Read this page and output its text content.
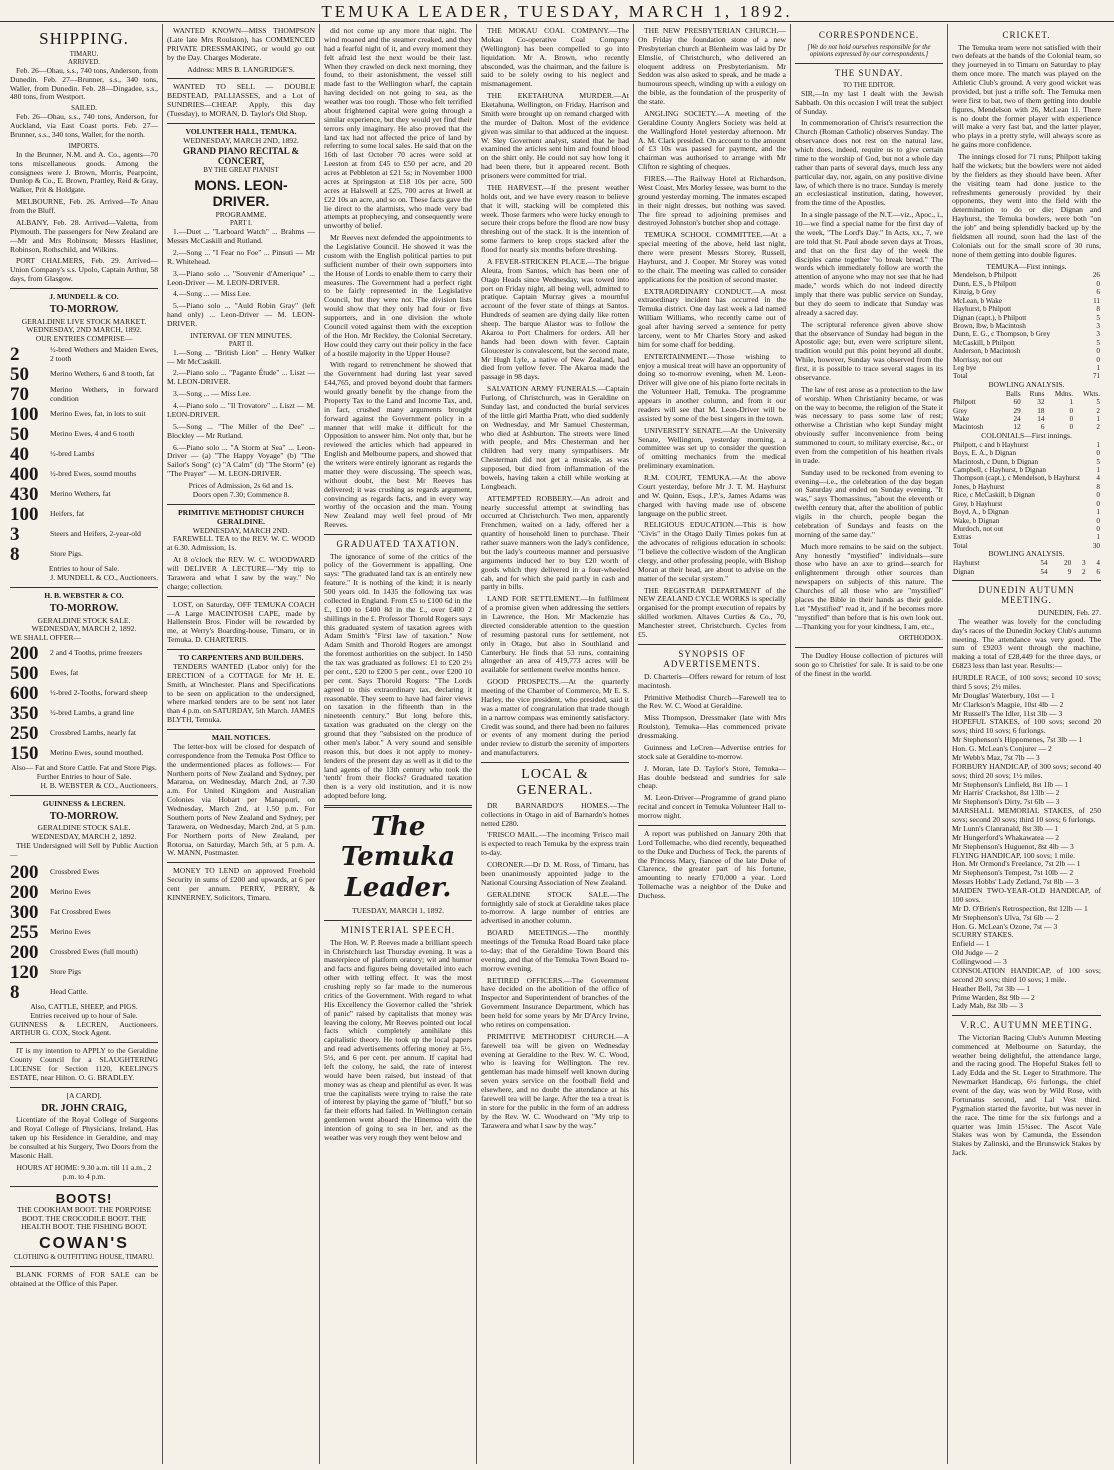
TEMUKA LEADER, TUESDAY, MARCH 1, 1892.
SHIPPING.
TIMARU.
ARRIVED.

Feb. 26—Ohau, s.s., 740 tons, Anderson, from Dunedin. Feb. 27—Brunner, s.s., 340 tons, Waller, from Dunedin. Feb. 28—Dingadee, s.s., 480 tons, from Westport.

SAILED.

Feb. 26—Ohau, s.s., 740 tons, Anderson, for Auckland, via East Coast ports. Feb. 27—Brunner, s.s., 340 tons, Waller, for the north.

IMPORTS.

In the Brunner, N.M. and A. Co., agents—70 tons miscellaneous goods. Among the consignees were J. Brown, Morris, Pearpoint, Dunlop & Co., E. Brown, Prattley, Reid & Gray, Walker, Prit & Holdgate.

MELBOURNE, Feb. 26. Arrived—Te Anau from the Bluff.

ALBANY, Feb. 28. Arrived—Valetta, from Plymouth. The passengers for New Zealand are—Mr and Mrs Robinson; Messrs Hasliner, Robinson, Rothschild, and Wilkins.

PORT CHALMERS, Feb. 29. Arrived—Union Company's s.s. Upolo, Captain Arthur, 58 days, from Glasgow.

J. MUNDELL & CO.
TO-MORROW.
GERALDINE LIVE STOCK MARKET.
WEDNESDAY, 2ND MARCH, 1892.
OUR ENTRIES COMPRISE—
2	½-bred Wethers and Maiden Ewes, 2 tooth
50	Merino Wethers, 6 and 8 tooth, fat
70	Merino Wethers, in forward condition
100	Merino Ewes, fat, in lots to suit
50	Merino Ewes, 4 and 6 tooth
40	½-bred Lambs
400	½-bred Ewes, sound mouths
430	Merino Wethers, fat
100	Heifers, fat
3	Steers and Heifers, 2-year-old
8	Store Pigs.
Entries to hour of Sale.
J. MUNDELL & CO., Auctioneers.
H. B. WEBSTER & CO.
TO-MORROW.
GERALDINE STOCK SALE.
WEDNESDAY, MARCH 2, 1892.
WE SHALL OFFER—
200	2 and 4 Tooths, prime freezers
500	Ewes, fat
600	½-bred 2-Tooths, forward sheep
350	½-bred Lambs, a grand line
250	Crossbred Lambs, nearly fat
150	Merino Ewes, sound mouthed.
Also— Fat and Store Cattle. Fat and Store Pigs.
Further Entries to hour of Sale.
H. B. WEBSTER & CO., Auctioneers.
GUINNESS & LECREN.
TO-MORROW.
GERALDINE STOCK SALE.
WEDNESDAY, MARCH 2, 1892.

THE Undersigned will Sell by Public Auction—

200	Crossbred Ewes
200	Merino Ewes
300	Fat Crossbred Ewes
255	Merino Ewes
200	Crossbred Ewes (full mouth)
120	Store Pigs
8	Head Cattle.
Also, CATTLE, SHEEP, and PIGS.
Entries received up to hour of Sale.
GUINNESS & LECREN, Auctioneers. ARTHUR G. COX, Stock Agent.

IT is my intention to APPLY to the Geraldine County Council for a SLAUGHTERING LICENSE for Section 1120, KEELING'S ESTATE, near Hilton. O. G. BRADLEY.

[A CARD].
DR. JOHN CRAIG,

Licentiate of the Royal College of Surgeons and Royal College of Physicians, Ireland, Has taken up his Residence in Geraldine, and may be consulted at his Surgery, Two Doors from the Masonic Hall.

HOURS AT HOME: 9.30 a.m. till 11 a.m., 2 p.m. to 4 p.m.
BOOTS!

THE COOKHAM BOOT. THE PORPOISE BOOT. THE CROCODILE BOOT. THE HEALTH BOOT. THE FISHING BOOT.

COWAN'S
CLOTHING & OUTFITTING HOUSE, TIMARU.

BLANK FORMS of FOR SALE can be obtained at the Office of this Paper.

WANTED KNOWN—MISS THOMPSON (Late late Mrs Roulston), has COMMENCED PRIVATE DRESSMAKING, or would go out by the Day. Charges Moderate.

Address: MRS B. LANGRIDGE'S.

WANTED TO SELL — DOUBLE BEDSTEAD, PALLIASSES, and a Lot of SUNDRIES—CHEAP. Apply, this day (Tuesday), to MORAN, D. Taylor's Old Shop.

VOLUNTEER HALL, TEMUKA.
WEDNESDAY, MARCH 2ND, 1892.
GRAND PIANO RECITAL & CONCERT,
BY THE GREAT PIANIST
MONS. LEON-DRIVER.
PROGRAMME.
PART I.

1.—Duet ... "Larboard Watch" ... Brahms — Messrs McCaskill and Rutland.

2.—Song ... "I Fear no Foe" ... Pinsuti — Mr R. Whitehead.

3.—Piano solo ... "Souvenir d'Amerique" ... Leon-Driver — M. LEON-DRIVER.

4.—Song ... — Miss Lee.

5.—Piano solo ... "Auld Robin Gray" (left hand only) ... Leon-Driver — M. LEON-DRIVER.

INTERVAL OF TEN MINUTES.
PART II.

1.—Song ... "British Lion" ... Henry Walker — Mr McCaskill.

2.—Piano solo ... "Pagante Étude" ... Liszt — M. LEON-DRIVER.

3.—Song ... — Miss Lee.

4.—Piano solo ... "Il Trovatore" ... Liszt — M. LEON-DRIVER.

5.—Song ... "The Miller of the Dee" ... Blockley — Mr Rutland.

6.—Piano solo ... "A Storm at Sea" ... Leon-Driver — (a) "The Happy Voyage" (b) "The Sailor's Song" (c) "A Calm" (d) "The Storm" (e) "The Prayer" — M. LEON-DRIVER.

Prices of Admission, 2s 6d and 1s.
Doors open 7.30; Commence 8.
PRIMITIVE METHODIST CHURCH GERALDINE.
WEDNESDAY, MARCH 2ND.

FAREWELL TEA to the REV. W. C. WOOD at 6.30. Admission, 1s.

At 8 o'clock the REV. W. C. WOODWARD will DELIVER A LECTURE—"My trip to Tarawera and what I saw by the way." No charge; collection.

LOST, on Saturday, OFF TEMUKA COACH—A Large MACINTOSH CAPE, made by Hallenstein Bros. Finder will be rewarded by me, at Werry's Boarding-house, Timaru, or in Temuka. D. CHARTERIS.

TO CARPENTERS AND BUILDERS.

TENDERS WANTED (Labor only) for the ERECTION of a COTTAGE for Mr H. E. Smith, at Winchester. Plans and Specifications to be seen on application to the undersigned, where marked tenders are to be sent not later than 4 p.m. on SATURDAY, 5th March. JAMES BLYTH, Temuka.

MAIL NOTICES.

The letter-box will be closed for despatch of correspondence from the Temuka Post Office to the undermentioned places as follows:— For Northern ports of New Zealand and Sydney, per Mararoa, on Wednesday, March 2nd, at 7.30 a.m. For United Kingdom and Australian Colonies via Hobart per Manapouri, on Wednesday, March 2nd, at 1.50 p.m. For Southern ports of New Zealand and Sydney, per Tarawera, on Wednesday, March 2nd, at 5 p.m. For Northern ports of New Zealand, per Rotorua, on Saturday, March 5th, at 5 p.m. A. W. MANN, Postmaster.

MONEY TO LEND on approved Freehold Security in sums of £200 and upwards, at 6 per cent per annum. PERRY, PERRY, & KINNERNEY, Solicitors, Timaru.

did not come up any more that night. The wind moaned and the steamer creaked, and they had a fearful night of it, and every moment they felt afraid lest the next would be their last. When they crawled on deck next morning, they found, to their astonishment, the vessel still made fast to the Wellington wharf, the captain having decided on not going to sea, as the weather was too rough. Those who felt terrified about frightened capital were going through a similar experience, but they would yet find their terrors only imaginary. He also proved that the land tax had not affected the price of land by referring to some local sales. He said that on the 16th of last October 70 acres were sold at Leeston at from £45 to £50 per acre, and 20 acres at Pebbleton at £21 5s; in November 1000 acres at Springston at £18 10s per acre, 500 acres at Halswell at £25, 700 acres at Irwell at £22 10s an acre, and so on. These facts gave the lie direct to the alarmists, who made very bad attempts at prophecying, and consequently were unworthy of belief.

Mr Reeves next defended the appointments to the Legislative Council. He showed it was the custom with the English political parties to put sufficient number of their own supporters into the House of Lords to enable them to carry their measures. The Government had a perfect right to be fairly represented in the Legislative Council, but they were not. The division lists would show that they only had four or five supporters, and in one division the whole Council voted against them with the exception of the Hon. Mr Reckley, the Colonial Secretary. How could they carry out their policy in the face of a hostile majority in the Upper House?

With regard to retrenchment he showed that the Government had during last year saved £44,765, and proved beyond doubt that farmers would greatly benefit by the change from the Property Tax to the Land and Income Tax, and, in fact, crushed many arguments brought forward against the Government policy in a manner that will make it difficult for the Opposition to answer him. Not only that, but he reviewed the articles which had appeared in English and Melbourne papers, and showed that the writers were entirely ignorant as regards the matter they were discussing. The speech was, without doubt, the best Mr Reeves has delivered; it was crushing as regards argument, convincing as regards facts, and in every way worthy of the occasion and the man. Young New Zealand may well feel proud of Mr Reeves.

GRADUATED TAXATION.

The ignorance of some of the critics of the policy of the Government is appalling. One says: "The graduated land tax is an entirely new feature." It is nothing of the kind; it is nearly 500 years old. In 1435 the following tax was collected in England. From £5 to £100 6d in the £., £100 to £400 8d in the £., over £400 2 shillings in the £. Professor Thorold Rogers says this graduated system of taxation agrees with Adam Smith's "First law of taxation." Now Adam Smith and Thorold Rogers are amongst the foremost authorities on the subject. In 1450 the tax was graduated as follows: £1 to £20 2½ per cent., £20 to £200 5 per cent., over £200 10 per cent. Says Thorold Rogers: "The Lords agreed to this extraordinary tax, declaring it reasonable. They seem to have had fairer views on taxation in the fifteenth than in the nineteenth century." But long before this, taxation was graduated on the clergy on the ground that they "subsisted on the produce of other men's labor." A very sound and sensible reason this, but does it not apply to money-lenders of the present day as well as it did to the land agents of the 13th century who took the 'tenth' from their flocks? Graduated taxation then is a very old institution, and it is now adopted before long.

The Temuka Leader.
TUESDAY, MARCH 1, 1892.
MINISTERIAL SPEECH.

The Hon. W. P. Reeves made a brilliant speech in Christchurch last Thursday evening. It was a masterpiece of platform oratory; wit and humor and facts and figures being dovetailed into each other with telling effect. It was the most crushing reply so far made to the numerous critics of the Government. With regard to what His Excellency the Governor called the "shriek of panic" raised by capitalists that money was leaving the colony, Mr Reeves pointed out local facts which completely annihilate this capitalistic theory. He took up the local papers and read advertisements offering money at 5½, 5½, and 6 per cent. per annum. If capital had left the colony, he said, the rate of interest would have been raised, but instead of that money was as cheap and plentiful as ever. It was true the capitalists were trying to raise the rate of interest by playing the game of "bluff," but so far their efforts had failed. In Wellington certain gentlemen went aboard the Hinemoa with the intention of going to sea in her, and as the weather was very rough they went below and

THE MOKAU COAL COMPANY.—The Mokau Co-operative Coal Company (Wellington) has been compelled to go into liquidation. Mr A. Brown, who recently absconded, was the chairman, and the failure is said to be solely owing to his neglect and mismanagement.

THE EKETAHUNA MURDER.—At Eketahuna, Wellington, on Friday, Harrison and Smith were brought up on remand charged with the murder of Dalton. Most of the evidence given was similar to that adduced at the inquest. W. Sley Governent analyst, stated that he had examined the articles sent him and found blood on the shirt only. He could not say how long it had been there, but it appeared recent. Both prisoners were committed for trial.

THE HARVEST.—If the present weather holds out, and we have every reason to believe that it will, stacking will be completed this week. Those farmers who were lucky enough to secure their crops before the flood are now busy threshing out of the stack. It is the intention of some farmers to keep crops stacked after the flood for nearly six months before threshing.

A FEVER-STRICKEN PLACE.—The brigue Aleuta, from Santos, which has been one of Otago Heads since Wednesday, was towed into port on Friday night, all being well, admitted to pratique. Captain Murray gives a mournful account of the fever state of things at Santos. Hundreds of seamen are dying daily like rotten sheep. The barque Alastor was to follow the Akaroa to Port Chalmers for orders. All her hands had been down with fever. Captain Gloucester is convalescent, but the second mate, Mr Hugh Lyle, a native of New Zealand, had died from yellow fever. The Akaroa made the passage in 98 days.

SALVATION ARMY FUNERALS.—Captain Furlong, of Christchurch, was in Geraldine on Sunday last, and conducted the burial services of the little girl Martha Pratt, who died suddenly on Wednesday, and Mr Samuel Chesterman, who died at Ashburton. The streets were lined with people, and Mrs Chesterman and her children had very many sympathisers. Mr Chesterman did not get a musicale, as was supposed, but died from inflammation of the bowels, having taken a chill while working at Longbeach.

ATTEMPTED ROBBERY.—An adroit and nearly successful attempt at swindling has occurred at Christchurch. Two men, apparently Frenchmen, waited on a lady, offered her a quantity of household linen to purchase. Their rather suave manners won the lady's confidence, but the lady's courteous manner and persuasive arguments induced her to buy £20 worth of goods which they delivered in a four-wheeled cab, and for which she paid partly in cash and partly in bills.

LAND FOR SETTLEMENT.—In fulfilment of a promise given when addressing the settlers in Lawrence, the Hon. Mr Mackenzie has directed considerable attention to the question of resuming pastoral runs for settlement, not only in Otago, but also in Southland and Canterbury. He finds that 53 runs, containing altogether an area of 419,773 acres will be available for settlement twelve months hence.

GOOD PROSPECTS.—At the quarterly meeting of the Chamber of Commerce, Mr E. S. Harley, the vice president, who presided, said it was a matter of congratulation that trade though in a narrow compass was eminently satisfactory. Credit was sound, and there had been no failures or events of any moment during the period under review to disturb the serenity of importers and manufacturers.

LOCAL & GENERAL.

DR BARNARDO'S HOMES.—The collections in Otago in aid of Barnardo's homes netted £280.

'FRISCO MAIL.—The incoming 'Frisco mail is expected to reach Temuka by the express train to-day.

CORONER.—Dr D. M. Ross, of Timaru, has been unanimously appointed judge to the National Coursing Association of New Zealand.

GERALDINE STOCK SALE.—The fortnightly sale of stock at Geraldine takes place to-morrow. A large number of entries are advertised in another column.

BOARD MEETINGS.—The monthly meetings of the Temuka Road Board take place to-day; that of the Geraldine Town Board this evening, and that of the Temuka Town Board to-morrow evening.

RETIRED OFFICERS.—The Government have decided on the abolition of the office of Inspector and Superintendent of branches of the Government Insurance Department, which has been held for some years by Mr D'Arcy Irvine, who retires on compensation.

PRIMITIVE METHODIST CHURCH.—A farewell tea will be given on Wednesday evening at Geraldine to the Rev. W. C. Wood, who is leaving for Wellington. The rev. gentleman has made himself well known during seven years service on the football field and elsewhere, and no doubt the attendance at his farewell tea will be large. After the tea a treat is in store for the public in the form of an address by the Rev. W. C. Woodward on "My trip to Tarawera and what I saw by the way."

THE NEW PRESBYTERIAN CHURCH.—On Friday the foundation stone of a new Presbyterian church at Blenheim was laid by Dr Elmslie, of Christchurch, who delivered an eloquent address on Presbyterianism. Mr Seddon was also asked to speak, and he made a humourous speech, winding up with a eulogy on the bible, as the foundation of the prosperity of the state.

ANGLING SOCIETY.—A meeting of the Geraldine County Anglers Society was held at the Wallingford Hotel yesterday afternoon. Mr A. M. Clark presided. On account to the amount of £3 10s was passed for payment, and the chairman was authorised to arrange with Mr Clifton re sighting of cheques.

FIRES.—The Railway Hotel at Richardson, West Coast, Mrs Morley lessee, was burnt to the ground yesterday morning. The inmates escaped in their night dresses, but nothing was saved. The fire spread to adjoining premises and destroyed Johnston's butcher shop and cottage.

TEMUKA SCHOOL COMMITTEE.—At a special meeting of the above, held last night, there were present Messrs Storey, Russell, Hayhurst, and J. Cooper. Mr Storey was voted to the chair. The meeting was called to consider applications for the position of second master.

EXTRAORDINARY CONDUCT.—A most extraordinary incident has occurred in the Temuka district. One day last week a lad named William Williams, who recently came out of goal after having served a sentence for petty larceny, went to Mr Charles Story and asked him for some chaff for bedding.

ENTERTAINMENT.—Those wishing to enjoy a musical treat will have an opportunity of doing so to-morrow evening, when M. Leon-Driver will give one of his piano forte recitals in the Volunteer Hall, Temuka. The programme appears in another column, and from it our readers will see that M. Leon-Driver will be assisted by some of the best singers in the town.

UNIVERSITY SENATE.—At the University Senate, Wellington, yesterday morning, a committee was set up to consider the question of omitting mechanics from the medical preliminary examination.

R.M. COURT, TEMUKA.—At the above Court yesterday, before Mr J. T. M. Hayhurst and W. Quinn, Esqs., J.P.'s, James Adams was charged with having made use of obscene language on the public street.

RELIGIOUS EDUCATION.—This is how "Civis" in the Otago Daily Times pokes fun at the advocates of religious education in schools: "I believe the collective wisdom of the Anglican clergy, and other professing people, with Bishop Moran at their head, are about to advise on the matter of the secular system."

THE REGISTRAR DEPARTMENT of the NEW ZEALAND CYCLE WORKS is specially organised for the prompt execution of repairs by skilled workmen. Altaves Curties & Co., 70, Manchester street, Christchurch. Cycles from £5.

SYNOPSIS OF ADVERTISEMENTS.

D. Charteris—Offers reward for return of lost macintosh.

Primitive Methodist Church—Farewell tea to the Rev. W. C. Wood at Geraldine.

Miss Thompson, Dressmaker (late with Mrs Roulston), Temuka—Has commenced private dressmaking.

Guinness and LeCren—Advertise entries for stock sale at Geraldine to-morrow.

J. Moran, late D. Taylor's Store, Temuka—Has double bedstead and sundries for sale cheap.

M. Leon-Driver—Programme of grand piano recital and concert in Temuka Volunteer Hall to-morrow night.

A report was published on January 20th that Lord Tollemache, who died recently, bequeathed to the Duke and Duchess of Teck, the parents of the Princess Mary, fiancee of the late Duke of Clarence, the greater part of his fortune, amounting to nearly £70,000 a year. Lord Tollemache was a neighbor of the Duke and Duchess.

CORRESPONDENCE.
[We do not hold ourselves responsible for the opinions expressed by our correspondents.]
THE SUNDAY.
TO THE EDITOR.

SIR,—In my last I dealt with the Jewish Sabbath. On this occasion I will treat the subject of Sunday.

In commemoration of Christ's resurrection the Church (Roman Catholic) observes Sunday. The observance does not rest on the natural law, which does, indeed, require us to give certain time to the worship of God, but not a whole day rather than parts of several days, much less any particular day, nor, again, on any positive divine law, of which there is no trace. Sunday is merely an ecclesiastical institution, dating, however, from the time of the Apostles.

In a single passage of the N.T.—viz., Apoc., i., 10—we find a special name for the first day of the week, "The Lord's Day." In Acts, xx., 7, we are told that St. Paul abode seven days at Troas, and that on the first day of the week the disciples came together "to break bread." The words which immediately follow are worth the attention of anyone who may not see that he had made," words which do not indeed directly imply that there was public service on Sunday, but they do seem to indicate that Sunday was already a sacred day.

The scriptural reference given above show that the observance of Sunday had begun in the Apostolic age; but, even were scripture silent, tradition would put this point beyond all doubt. While, however, Sunday was observed from the first, it is possible to trace several stages in its observance.

The law of rest arose as a protection to the law of worship. When Christianity became, or was on the way to become, the religion of the State it was necessary to pass some law of rest; otherwise a Christian who kept Sunday might obviously suffer inconvenience from being summoned to court, to military exercise, &c., or even from the competition of his heathen rivals in trade.

Sunday used to be reckoned from evening to evening—i.e., the celebration of the day began on Saturday and ended on Sunday evening. "It was," says Thomassinus, "about the eleventh or twelfth century that, after the abolition of public vigils in the church, people began the celebration of Sundays and feasts on the morning of the same day."

Much more remains to be said on the subject. Any honestly "mystified" individuals—sure those who have an axe to grind—search for enlightenment through other sources than newspapers on subjects of this nature. The Churches of all those who are "mystified" places the Bible in their hands as their guide. Let "Mystified" read it, and if he becomes more "mystified" than before that is his own look out.—Thanking you for your kindness, I am, etc.,

ORTHODOX.

The Dudley House collection of pictures will soon go to Christies' for sale. It is said to be one of the finest in the world.

CRICKET.

The Temuka team were not satisfied with their two defeats at the hands of the Colonial team, so they journeyed in to Timaru on Saturday to play them once more. The match was played on the Athletic Club's ground. A very good wicket was provided, but just a trifle soft. The Temuka men were first to bat, two of them getting into double figures, Mendelson with 26, McLean 11. There is no doubt the former player with experience will make a very fast bat, and the latter player, who plays in a pretty style, will always score as he gains more confidence.

The innings closed for 71 runs; Philpott taking half the wickets; but the bowlers were not aided by the fielders as they should have been. After the visiting team had done justice to the refreshments generously provided by their opponents, they went into the field with the determination to do or die; Dignan and Hayhurst, the Temuka bowlers, were both "on the job" and being splendidly backed up by the fieldsmen all round, soon had the last of the Colonials out for the small score of 30 runs, none of them getting into double figures.

TEMUKA—First innings.
Mendelson, b Philpott	26
Dunn, E.S., b Philpott	0
Kinzig, b Grey	6
McLean, b Wake	11
Hayhurst, b Philpott	8
Dignan (capt.), b Philpott	5
Brown, lbw, b Macintosh	3
Dunn, E. G., c Thompson, b Grey	3
McCaskill, b Philpott	5
Anderson, b Macintosh	0
Morrissy, not out	0
Leg bye	1
Total	71
BOWLING ANALYSIS.
	Balls	Runs	Mdns.	Wkts.
Philpott	60	32	1	5
Grey	29	18	0	2
Wake	24	14	0	1
Macintosh	12	6	0	2
COLONIALS—First innings.
Philpott, c and b Hayhurst	1
Boys, E. A., b Dignan	0
Macintosh, c Dunn, b Dignan	5
Campbell, c Hayhurst, b Dignan	1
Thompson (capt.), c Mendelson, b Hayhurst	4
Jones, b Hayhurst	8
Rice, c McCaskill, b Dignan	0
Grey, b Hayhurst	0
Boyd, A., b Dignan	1
Wake, b Dignan	0
Murdoch, not out	0
Extras	1
Total	30
BOWLING ANALYSIS.
Hayhurst	54	20	3	4
Dignan	54	9	2	6
DUNEDIN AUTUMN MEETING.
DUNEDIN, Feb. 27.

The weather was lovely for the concluding day's races of the Dunedin Jockey Club's autumn meeting. The attendance was very good. The sum of £9203 went through the machine, making a total of £28,449 for the three days, or £6823 less than last year. Results:—

HURDLE RACE, of 100 sovs; second 10 sovs; third 5 sovs; 2½ miles.
Mr Douglas' Waterbury, 10st — 1
Mr Clarkson's Magpie, 10st 4lb — 2
Mr Russell's The Idler, 11st 3lb — 3
HOPEFUL STAKES, of 100 sovs; second 20 sovs; third 10 sovs; 6 furlongs.
Mr Stephenson's Hippomenes, 7st 3lb — 1
Hon. G. McLean's Conjurer — 2
Mr Webb's Maz, 7st 7lb — 3
FORBURY HANDICAP, of 300 sovs; second 40 sovs; third 20 sovs; 1½ miles.
Mr Stephenson's Linfield, 8st 1lb — 1
Mr Harris' Crackshot, 8st 13lb — 2
Mr Stephenson's Dirty, 7st 6lb — 3
MARSHALL MEMORIAL STAKES, of 250 sovs; second 20 sovs; third 10 sovs; 6 furlongs.
Mr Lunn's Clanranald, 8st 3lb — 1
Mr Hungerford's Whakawatea — 2
Mr Stephenson's Huguenot, 8st 4lb — 3
FLYING HANDICAP, 100 sovs; 1 mile.
Hon. Mr Ormond's Freelance, 7st 2lb — 1
Mr Stephenson's Tempest, 7st 10lb — 2
Messrs Hobbs' Lady Zetland, 7st 8lb — 3
MAIDEN TWO-YEAR-OLD HANDICAP, of 100 sovs.
Mr D. O'Brien's Retrospection, 8st 12lb — 1
Mr Stephenson's Ulva, 7st 6lb — 2
Hon. G. McLean's Ozone, 7st — 3
SCURRY STAKES.
Enfield — 1
Old Judge — 2
Collingwood — 3
CONSOLATION HANDICAP, of 100 sovs; second 20 sovs; third 10 sovs; 1 mile.
Heather Bell, 7st 3lb — 1
Prime Warden, 8st 9lb — 2
Lady Mab, 8st 3lb — 3
V.R.C. AUTUMN MEETING.

The Victorian Racing Club's Autumn Meeting commenced at Melbourne on Saturday, the weather being delightful, the attendance large, and the racing good. The Hopeful Stakes fell to Lady Edda and the St. Leger to Strathmore. The Newmarket Handicap, 6½ furlongs, the chief event of the day, was won by Wild Rose, with Fortunatus second, and Lal Vest third. Pygmalion started the favorite, but was never in the race. The time for the six furlongs and a quarter was 1min 15¼sec. The Ascot Vale Stakes was won by Camunda, the Essendon Stakes by Zalinski, and the Brunswick Stakes by Jack.
